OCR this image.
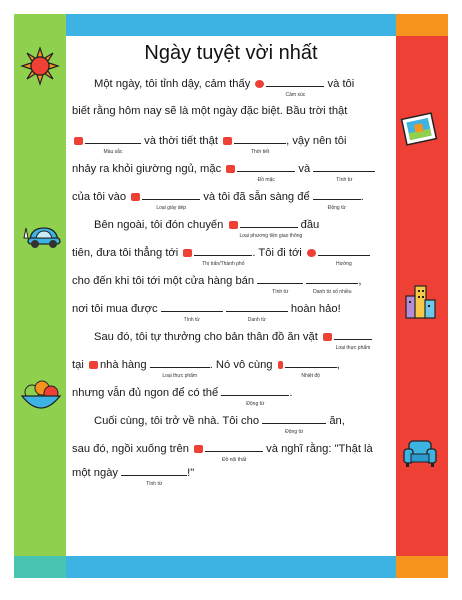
Ngày tuyệt vời nhất
Một ngày, tôi tỉnh dậy, cảm thấy
Cảm xúc
và tôi
biết rằng hôm nay sẽ là một ngày đặc biệt. Bầu trời thật
Màu sắc
và thời tiết thật
Thời tiết
, vậy nên tôi
nhảy ra khỏi giường ngủ, mặc
Đồ mặc
và
Tính từ
của tôi vào
Loại giày dép
và tôi đã sẵn sàng để
Động từ
.
Bên ngoài, tôi đón chuyến
Loại phương tiện giao thông
đầu
tiên, đưa tôi thẳng tới
Thị trấn/Thành phố
. Tôi đi tới
Hướng
cho đến khi tôi tới một cửa hàng bán
Tính từ
	Danh từ số nhiều
,
nơi tôi mua được
Tính từ
	Danh từ
hoàn hảo!
Sau đó, tôi tự thưởng cho bản thân đồ ăn vặt
Loại thực phẩm
tại nhà hàng
Loại thực phẩm
. Nó vô cùng
Nhiệt độ
,
nhưng vẫn đủ ngon để có thể
Động từ
.
Cuối cùng, tôi trở về nhà. Tôi cho
Động từ
ăn,
sau đó, ngồi xuống trên
Đồ nội thất
và nghĩ rằng: "Thật là
một ngày
Tính từ
!"
